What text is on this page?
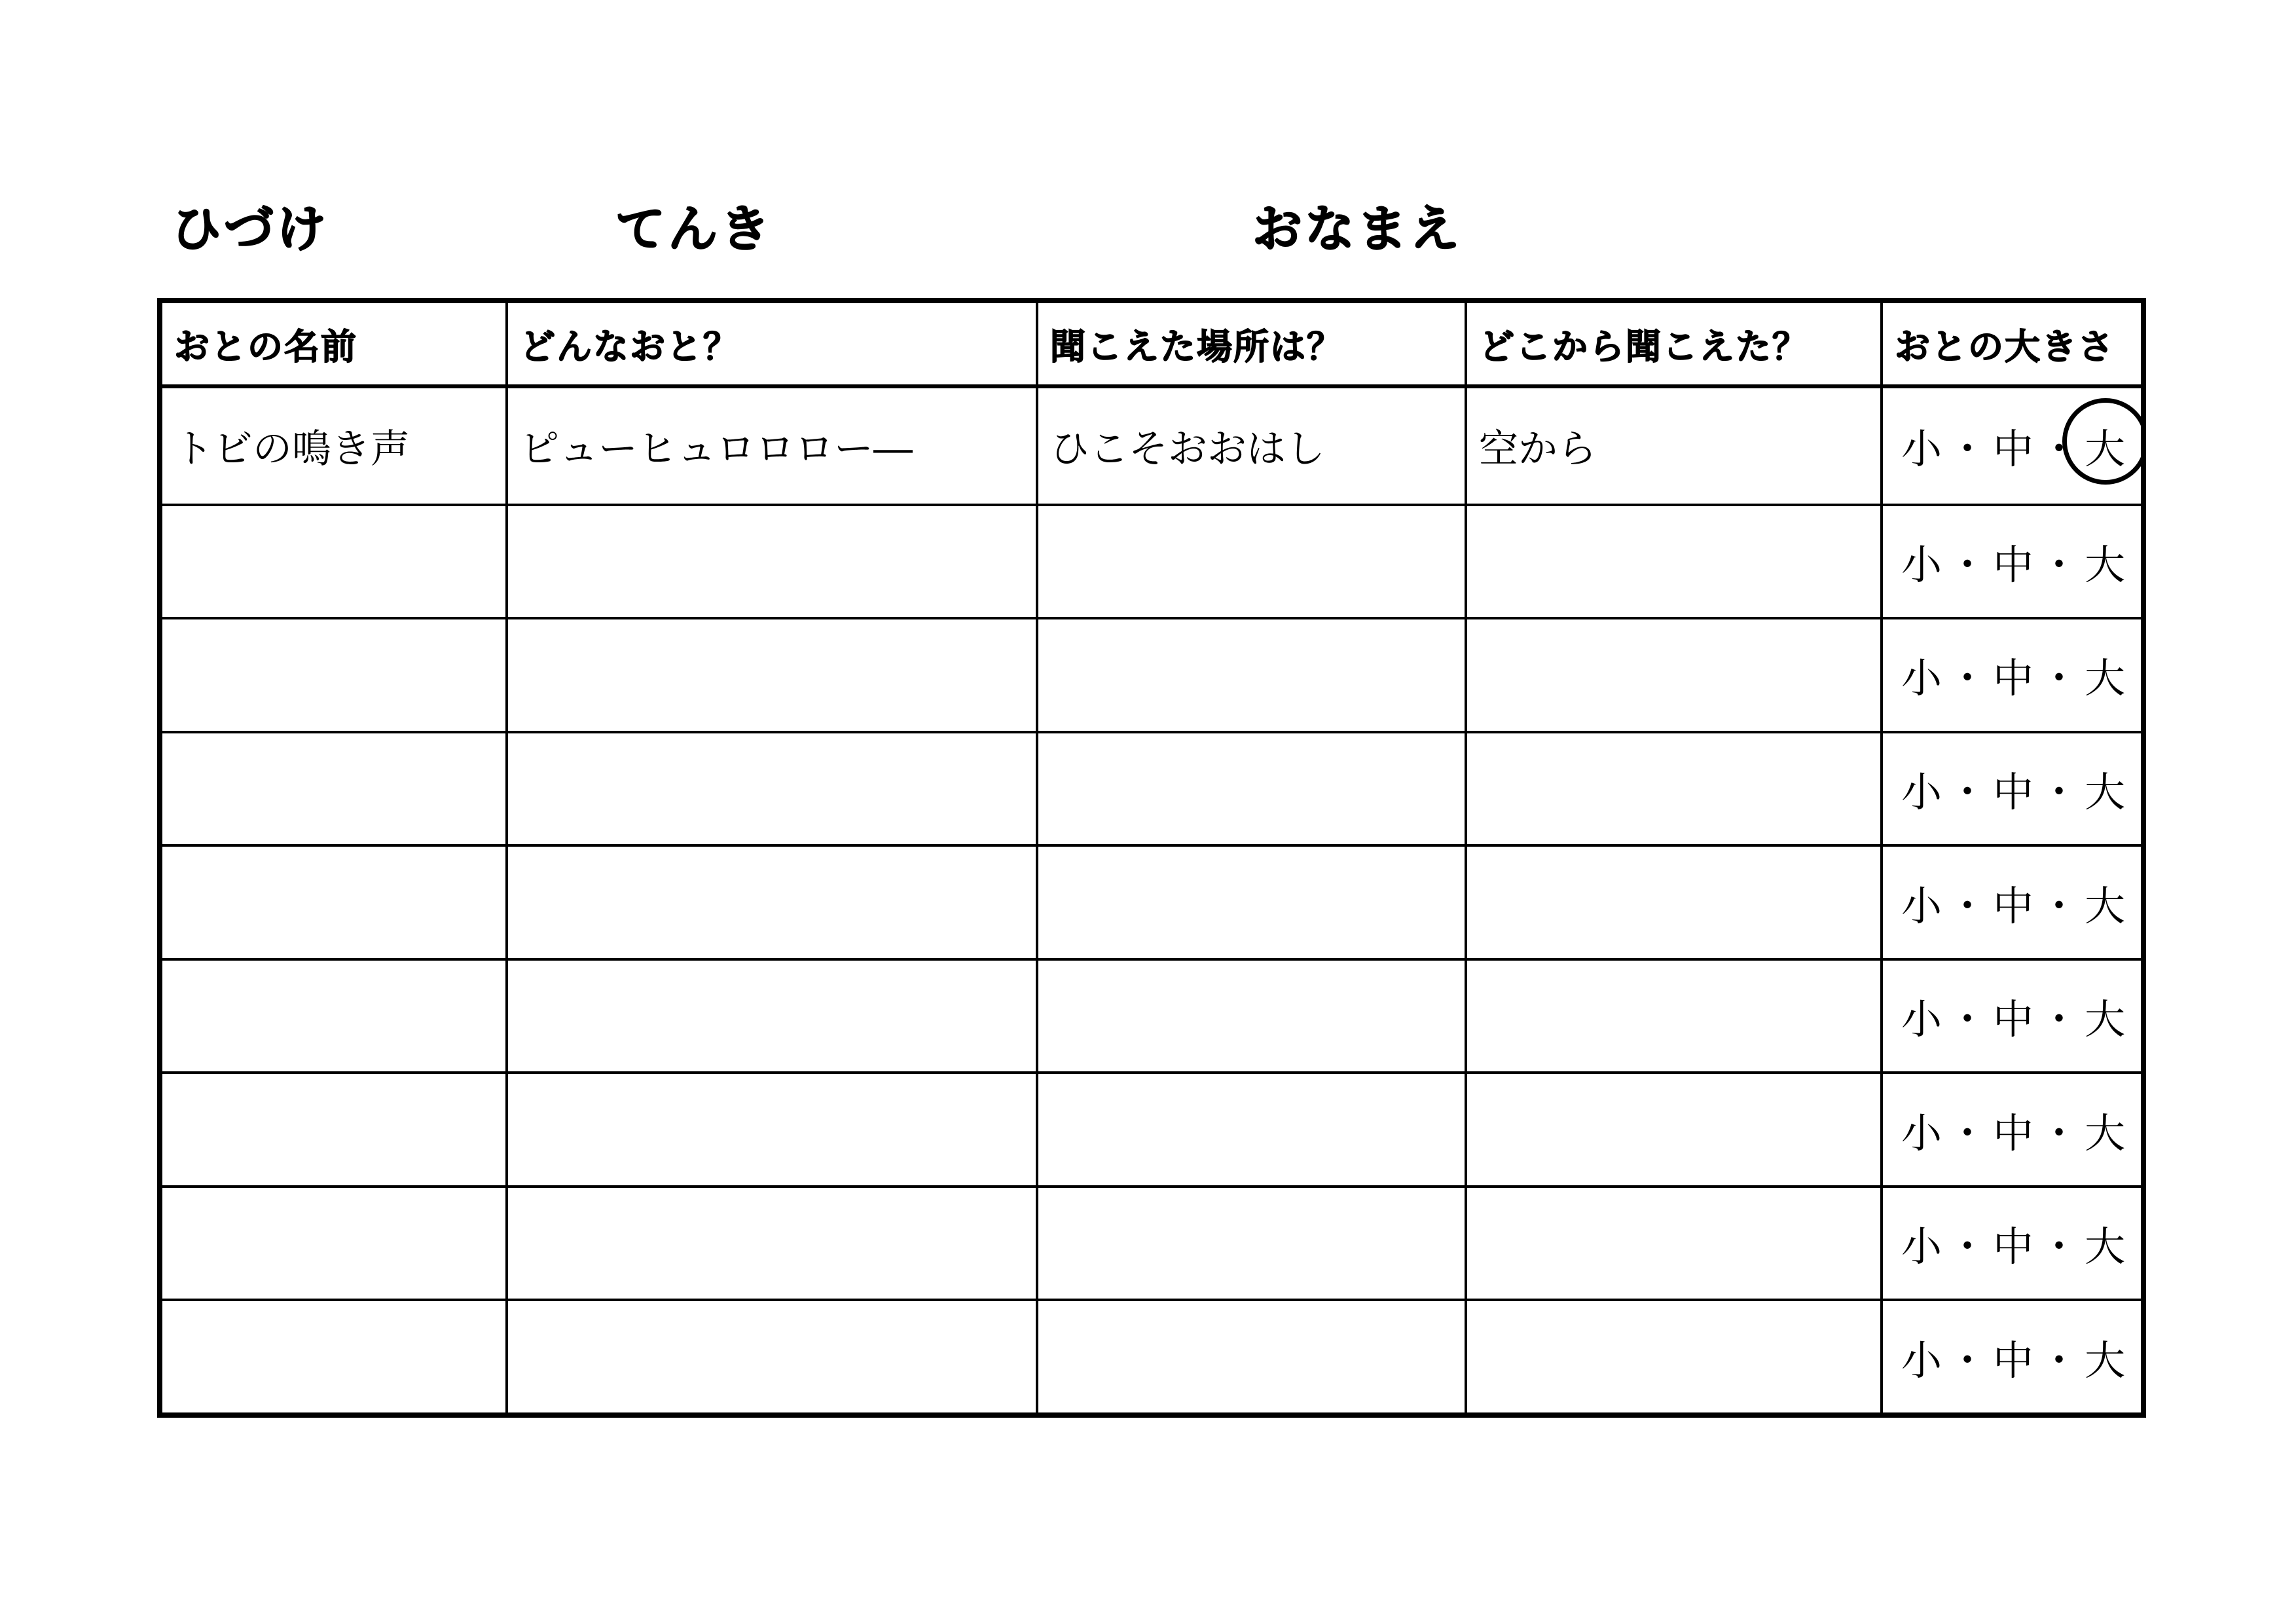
ひづけ	てんき	おなまえ
おとの名前	どんなおと？	聞こえた場所は？	どこから聞こえた？	おとの大きさ
トビの鳴き声	ピューヒュロロロー―	ひこそおおはし	空から	小・中・大
				小・中・大
				小・中・大
				小・中・大
				小・中・大
				小・中・大
				小・中・大
				小・中・大
				小・中・大
